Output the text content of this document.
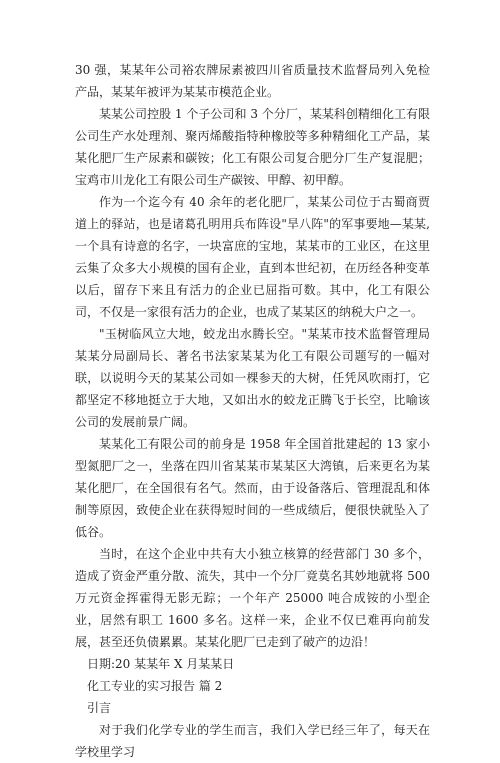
30 强，某某年公司裕农牌尿素被四川省质量技术监督局列入免检产品，某某年被评为某某市模范企业。

某某公司控股 1 个子公司和 3 个分厂，某某科创精细化工有限公司生产水处理剂、聚丙烯酸指特种橡胶等多种精细化工产品，某某化肥厂生产尿素和碳铵；化工有限公司复合肥分厂生产复混肥；宝鸡市川龙化工有限公司生产碳铵、甲醇、初甲醇。

作为一个迄今有 40 余年的老化肥厂，某某公司位于古蜀商贾道上的驿站，也是诸葛孔明用兵布阵设"旱八阵"的军事要地—某某,一个具有诗意的名字，一块富庶的宝地，某某市的工业区，在这里云集了众多大小规模的国有企业，直到本世纪初，在历经各种变革以后，留存下来且有活力的企业已屈指可数。其中，化工有限公司，不仅是一家很有活力的企业，也成了某某区的纳税大户之一。

"玉树临风立大地，蛟龙出水腾长空。"某某市技术监督管理局某某分局副局长、著名书法家某某为化工有限公司题写的一幅对联，以说明今天的某某公司如一棵参天的大树，任凭风吹雨打，它都坚定不移地挺立于大地，又如出水的蛟龙正腾飞于长空，比喻该公司的发展前景广阔。

某某化工有限公司的前身是 1958 年全国首批建起的 13 家小型氮肥厂之一，坐落在四川省某某市某某区大湾镇，后来更名为某某化肥厂，在全国很有名气。然而，由于设备落后、管理混乱和体制等原因，致使企业在获得短时间的一些成绩后，便很快就坠入了低谷。

当时，在这个企业中共有大小独立核算的经营部门 30 多个，造成了资金严重分散、流失，其中一个分厂竟莫名其妙地就将 500 万元资金挥霍得无影无踪；一个年产 25000 吨合成铵的小型企业，居然有职工 1600 多名。这样一来，企业不仅已难再向前发展，甚至还负债累累。某某化肥厂已走到了破产的边沿！

日期:20 某某年 X 月某某日

化工专业的实习报告 篇 2

引言

对于我们化学专业的学生而言，我们入学已经三年了，每天在学校里学习
